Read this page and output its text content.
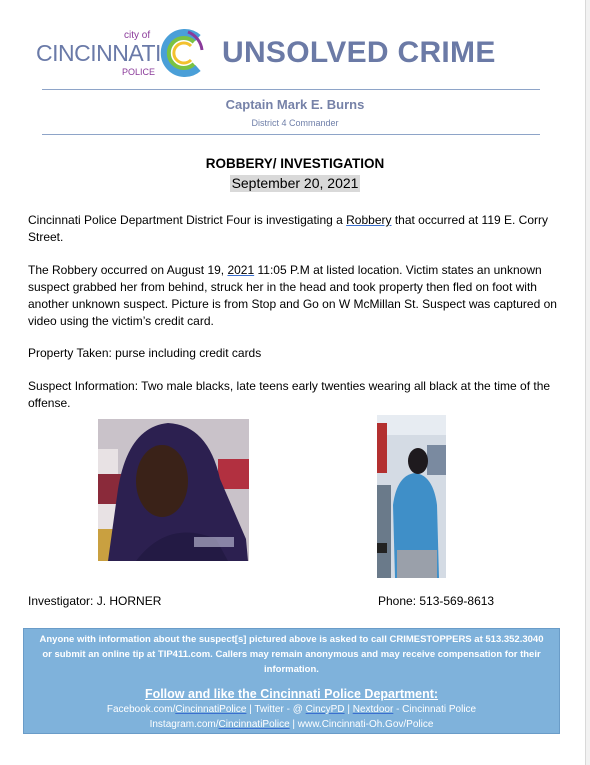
city of
CINCINNATI
POLICE
UNSOLVED CRIME
Captain Mark E. Burns
District 4 Commander
ROBBERY/ INVESTIGATION
September 20, 2021
Cincinnati Police Department District Four is investigating a Robbery that occurred at 119 E. Corry Street.
The Robbery occurred on August 19, 2021 11:05 P.M at listed location. Victim states an unknown suspect grabbed her from behind, struck her in the head and took property then fled on foot with another unknown suspect. Picture is from Stop and Go on W McMillan St. Suspect was captured on video using the victim’s credit card.
Property Taken: purse including credit cards
Suspect Information: Two male blacks, late teens early twenties wearing all black at the time of the offense.
Investigator: J. HORNER	Phone: 513-569-8613
Anyone with information about the suspect[s] pictured above is asked to call CRIMESTOPPERS at 513.352.3040 or submit an online tip at TIP411.com. Callers may remain anonymous and may receive compensation for their information.
Follow and like the Cincinnati Police Department:
Facebook.com/CincinnatiPolice | Twitter - @ CincyPD | Nextdoor - Cincinnati Police
Instagram.com/CincinnatiPolice | www.Cincinnati-Oh.Gov/Police
